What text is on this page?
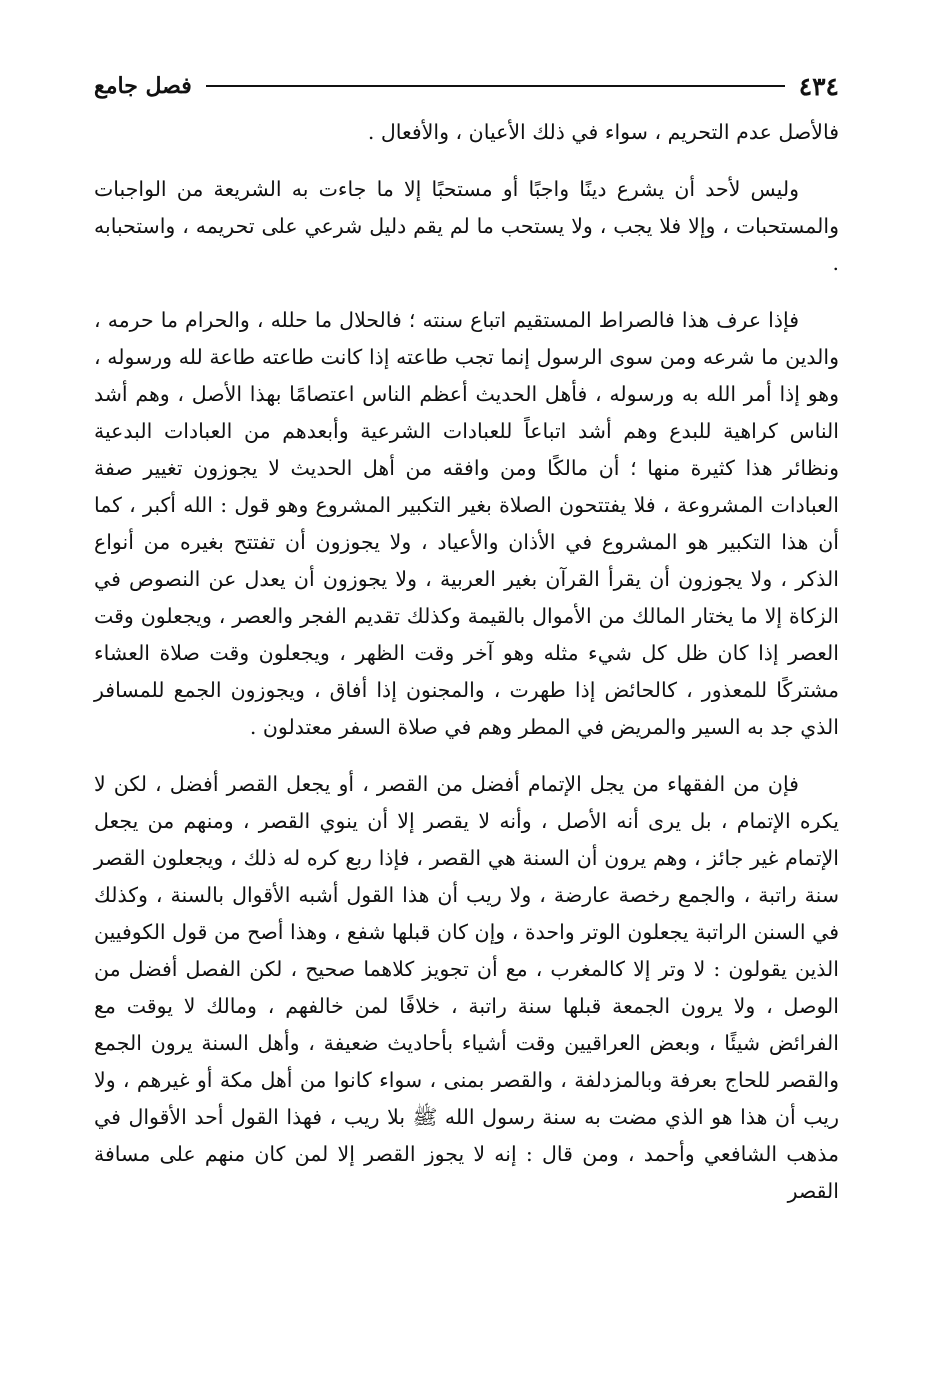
٤٣٤
فصل جامع

فالأصل عدم التحريم ، سواء في ذلك الأعيان ، والأفعال .

وليس لأحد أن يشرع دينًا واجبًا أو مستحبًا إلا ما جاءت به الشريعة من الواجبات والمستحبات ، وإلا فلا يجب ، ولا يستحب ما لم يقم دليل شرعي على تحريمه ، واستحبابه .

فإذا عرف هذا فالصراط المستقيم اتباع سنته ؛ فالحلال ما حلله ، والحرام ما حرمه ، والدين ما شرعه ومن سوى الرسول إنما تجب طاعته إذا كانت طاعته طاعة لله ورسوله ، وهو إذا أمر الله به ورسوله ، فأهل الحديث أعظم الناس اعتصامًا بهذا الأصل ، وهم أشد الناس كراهية للبدع وهم أشد اتباعاً للعبادات الشرعية وأبعدهم من العبادات البدعية ونظائر هذا كثيرة منها ؛ أن مالكًا ومن وافقه من أهل الحديث لا يجوزون تغيير صفة العبادات المشروعة ، فلا يفتتحون الصلاة بغير التكبير المشروع وهو قول : الله أكبر ، كما أن هذا التكبير هو المشروع في الأذان والأعياد ، ولا يجوزون أن تفتتح بغيره من أنواع الذكر ، ولا يجوزون أن يقرأ القرآن بغير العربية ، ولا يجوزون أن يعدل عن النصوص في الزكاة إلا ما يختار المالك من الأموال بالقيمة وكذلك تقديم الفجر والعصر ، ويجعلون وقت العصر إذا كان ظل كل شيء مثله وهو آخر وقت الظهر ، ويجعلون وقت صلاة العشاء مشتركًا للمعذور ، كالحائض إذا طهرت ، والمجنون إذا أفاق ، ويجوزون الجمع للمسافر الذي جد به السير والمريض في المطر وهم في صلاة السفر معتدلون .

فإن من الفقهاء من يجل الإتمام أفضل من القصر ، أو يجعل القصر أفضل ، لكن لا يكره الإتمام ، بل يرى أنه الأصل ، وأنه لا يقصر إلا أن ينوي القصر ، ومنهم من يجعل الإتمام غير جائز ، وهم يرون أن السنة هي القصر ، فإذا ربع كره له ذلك ، ويجعلون القصر سنة راتبة ، والجمع رخصة عارضة ، ولا ريب أن هذا القول أشبه الأقوال بالسنة ، وكذلك في السنن الراتبة يجعلون الوتر واحدة ، وإن كان قبلها شفع ، وهذا أصح من قول الكوفيين الذين يقولون : لا وتر إلا كالمغرب ، مع أن تجويز كلاهما صحيح ، لكن الفصل أفضل من الوصل ، ولا يرون الجمعة قبلها سنة راتبة ، خلافًا لمن خالفهم ، ومالك لا يوقت مع الفرائض شيئًا ، وبعض العراقيين وقت أشياء بأحاديث ضعيفة ، وأهل السنة يرون الجمع والقصر للحاج بعرفة وبالمزدلفة ، والقصر بمنى ، سواء كانوا من أهل مكة أو غيرهم ، ولا ريب أن هذا هو الذي مضت به سنة رسول الله ﷺ بلا ريب ، فهذا القول أحد الأقوال في مذهب الشافعي وأحمد ، ومن قال : إنه لا يجوز القصر إلا لمن كان منهم على مسافة القصر
